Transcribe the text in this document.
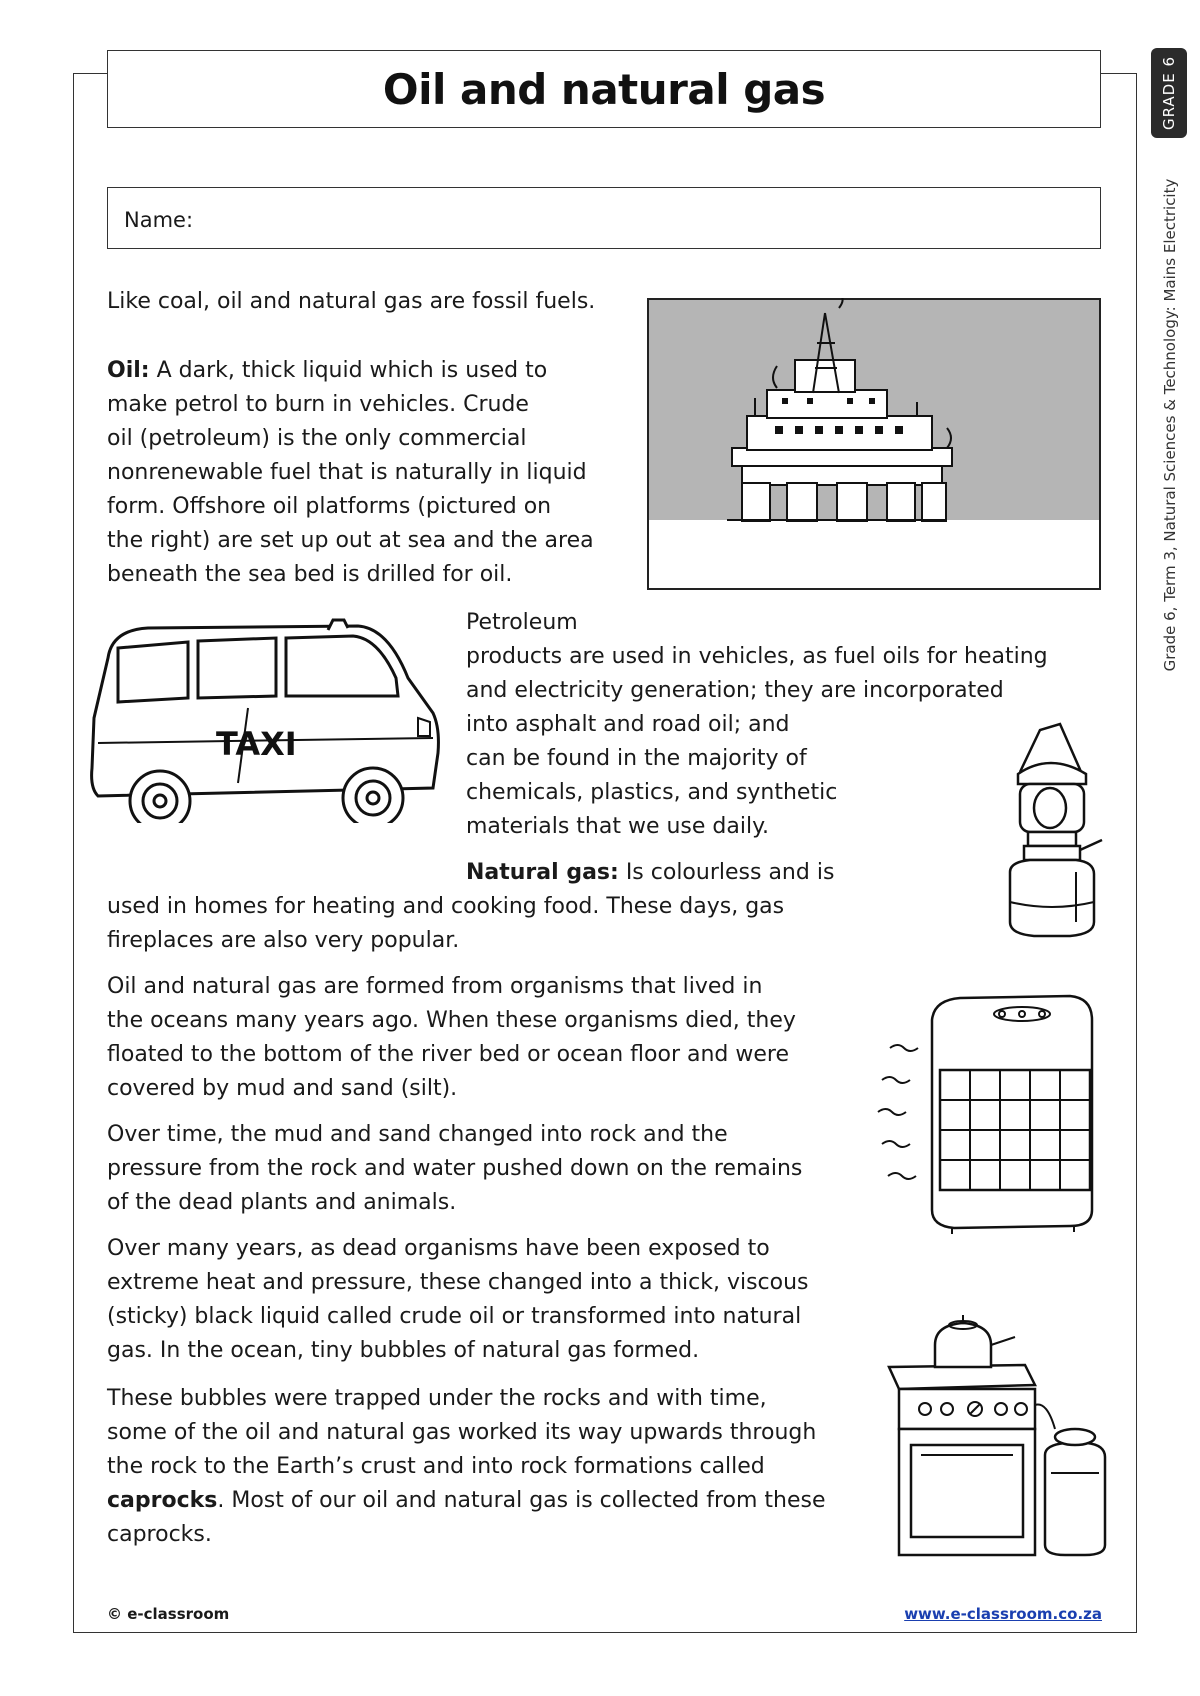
Oil and natural gas	GRADE 6
Grade 6, Term 3, Natural Sciences & Technology: Mains Electricity
Name:

Like coal, oil and natural gas are fossil fuels.

Oil: A dark, thick liquid which is used to
make petrol to burn in vehicles. Crude
oil (petroleum) is the only commercial
nonrenewable fuel that is naturally in liquid
form. Offshore oil platforms (pictured on
the right) are set up out at sea and the area
beneath the sea bed is drilled for oil.
TAXI
Petroleum
products are used in vehicles, as fuel oils for heating
and electricity generation; they are incorporated
into asphalt and road oil; and
can be found in the majority of
chemicals, plastics, and synthetic
materials that we use daily.
Natural gas: Is colourless and is
used in homes for heating and cooking food. These days, gas
fireplaces are also very popular.
Oil and natural gas are formed from organisms that lived in
the oceans many years ago. When these organisms died, they
floated to the bottom of the river bed or ocean floor and were
covered by mud and sand (silt).
Over time, the mud and sand changed into rock and the
pressure from the rock and water pushed down on the remains
of the dead plants and animals.
Over many years, as dead organisms have been exposed to
extreme heat and pressure, these changed into a thick, viscous
(sticky) black liquid called crude oil or transformed into natural
gas. In the ocean, tiny bubbles of natural gas formed.
These bubbles were trapped under the rocks and with time,
some of the oil and natural gas worked its way upwards through
the rock to the Earth’s crust and into rock formations called
caprocks. Most of our oil and natural gas is collected from these
caprocks.
© e-classroom	www.e-classroom.co.za
